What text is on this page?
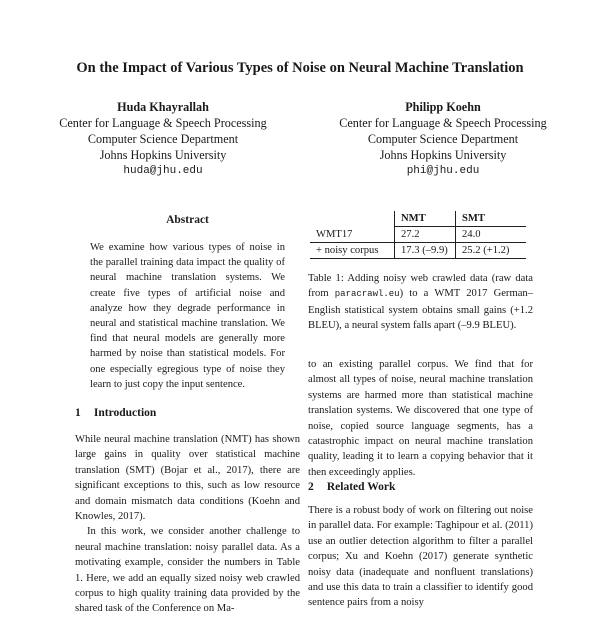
On the Impact of Various Types of Noise on Neural Machine Translation
Huda Khayrallah
Center for Language & Speech Processing
Computer Science Department
Johns Hopkins University
huda@jhu.edu
Philipp Koehn
Center for Language & Speech Processing
Computer Science Department
Johns Hopkins University
phi@jhu.edu
Abstract
We examine how various types of noise in the parallel training data impact the quality of neural machine translation systems. We create five types of artificial noise and analyze how they degrade performance in neural and statistical machine translation. We find that neural models are generally more harmed by noise than statistical models. For one especially egregious type of noise they learn to just copy the input sentence.
1 Introduction

While neural machine translation (NMT) has shown large gains in quality over statistical machine translation (SMT) (Bojar et al., 2017), there are significant exceptions to this, such as low resource and domain mismatch data conditions (Koehn and Knowles, 2017).

In this work, we consider another challenge to neural machine translation: noisy parallel data. As a motivating example, consider the numbers in Table 1. Here, we add an equally sized noisy web crawled corpus to high quality training data provided by the shared task of the Conference on Ma-

	NMT	SMT
WMT17	27.2	24.0
+ noisy corpus	17.3 (–9.9)	25.2 (+1.2)
Table 1: Adding noisy web crawled data (raw data from paracrawl.eu) to a WMT 2017 German–English statistical system obtains small gains (+1.2 BLEU), a neural system falls apart (–9.9 BLEU).

to an existing parallel corpus. We find that for almost all types of noise, neural machine translation systems are harmed more than statistical machine translation systems. We discovered that one type of noise, copied source language segments, has a catastrophic impact on neural machine translation quality, leading it to learn a copying behavior that it then exceedingly applies.

2 Related Work

There is a robust body of work on filtering out noise in parallel data. For example: Taghipour et al. (2011) use an outlier detection algorithm to filter a parallel corpus; Xu and Koehn (2017) generate synthetic noisy data (inadequate and nonfluent translations) and use this data to train a classifier to identify good sentence pairs from a noisy
